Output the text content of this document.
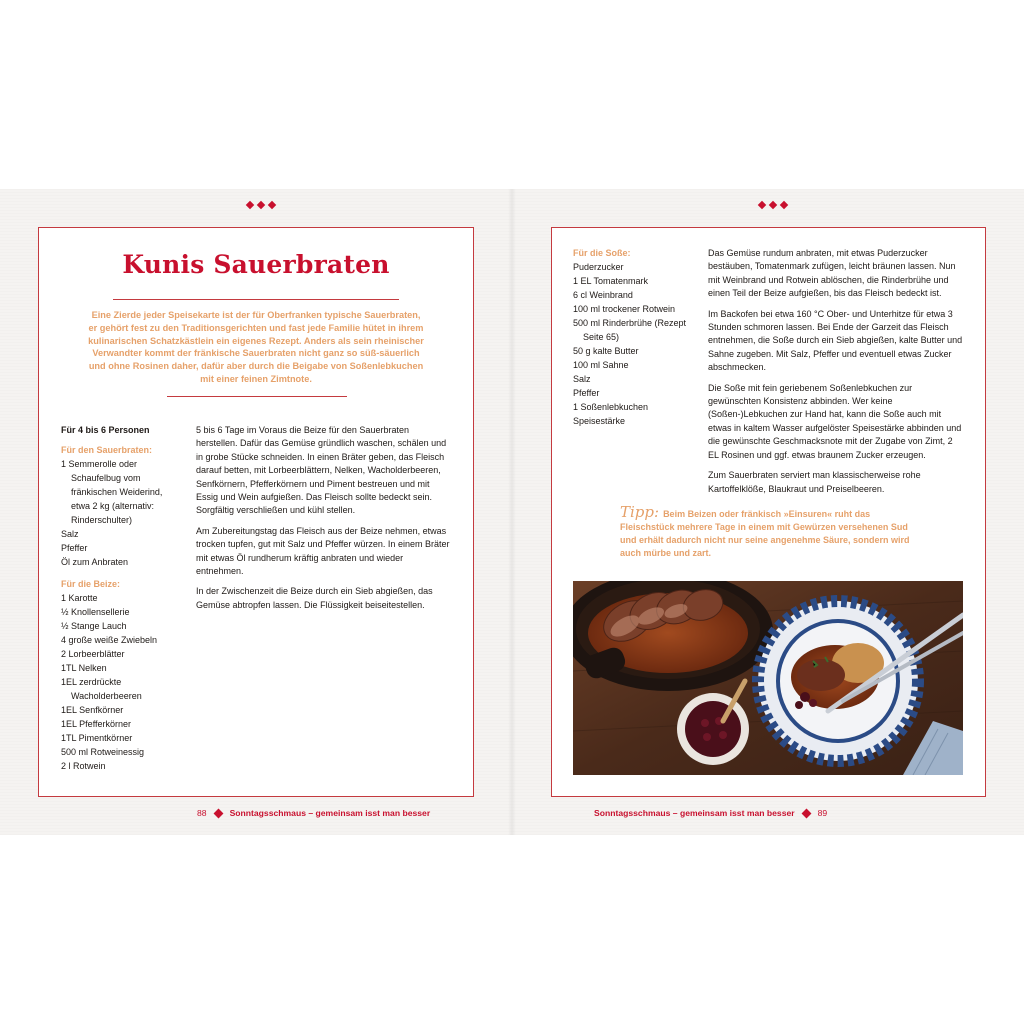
Kunis Sauerbraten
Eine Zierde jeder Speisekarte ist der für Oberfranken typische Sauerbraten, er gehört fest zu den Traditionsgerichten und fast jede Familie hütet in ihrem kulinarischen Schatzkästlein ein eigenes Rezept. Anders als sein rheinischer Verwandter kommt der fränkische Sauerbraten nicht ganz so süß-säuerlich und ohne Rosinen daher, dafür aber durch die Beigabe von Soßenlebkuchen mit einer feinen Zimtnote.
Für 4 bis 6 Personen
Für den Sauerbraten:
1 Semmerolle oder Schaufelbug vom fränkischen Weiderind, etwa 2 kg (alternativ: Rinderschulter)
Salz
Pfeffer
Öl zum Anbraten
Für die Beize:
1 Karotte
½ Knollensellerie
½ Stange Lauch
4 große weiße Zwiebeln
2 Lorbeerblätter
1TL Nelken
1EL zerdrückte Wacholderbeeren
1EL Senfkörner
1EL Pfefferkörner
1TL Pimentkörner
500 ml Rotweinessig
2 l Rotwein

5 bis 6 Tage im Voraus die Beize für den Sauerbraten herstellen. Dafür das Gemüse gründlich waschen, schälen und in grobe Stücke schneiden. In einen Bräter geben, das Fleisch darauf betten, mit Lorbeerblättern, Nelken, Wacholderbeeren, Senfkörnern, Pfefferkörnern und Piment bestreuen und mit Essig und Wein aufgießen. Das Fleisch sollte bedeckt sein. Sorgfältig verschließen und kühl stellen.

Am Zubereitungstag das Fleisch aus der Beize nehmen, etwas trocken tupfen, gut mit Salz und Pfeffer würzen. In einem Bräter mit etwas Öl rundherum kräftig anbraten und wieder entnehmen.

In der Zwischenzeit die Beize durch ein Sieb abgießen, das Gemüse abtropfen lassen. Die Flüssigkeit beiseitestellen.

Für die Soße:
Puderzucker
1 EL Tomatenmark
6 cl Weinbrand
100 ml trockener Rotwein
500 ml Rinderbrühe (Rezept Seite 65)
50 g kalte Butter
100 ml Sahne
Salz
Pfeffer
1 Soßenlebkuchen
Speisestärke

Das Gemüse rundum anbraten, mit etwas Puderzucker bestäuben, Tomatenmark zufügen, leicht bräunen lassen. Nun mit Weinbrand und Rotwein ablöschen, die Rinderbrühe und einen Teil der Beize aufgießen, bis das Fleisch bedeckt ist.

Im Backofen bei etwa 160 °C Ober- und Unterhitze für etwa 3 Stunden schmoren lassen. Bei Ende der Garzeit das Fleisch entnehmen, die Soße durch ein Sieb abgießen, kalte Butter und Sahne zugeben. Mit Salz, Pfeffer und eventuell etwas Zucker abschmecken.

Die Soße mit fein geriebenem Soßenlebkuchen zur gewünschten Konsistenz abbinden. Wer keine (Soßen-)Lebkuchen zur Hand hat, kann die Soße auch mit etwas in kaltem Wasser aufgelöster Speisestärke abbinden und die gewünschte Geschmacksnote mit der Zugabe von Zimt, 2 EL Rosinen und ggf. etwas braunem Zucker erzeugen.

Zum Sauerbraten serviert man klassischerweise rohe Kartoffelklöße, Blaukraut und Preiselbeeren.

Tipp: Beim Beizen oder fränkisch »Einsuren« ruht das Fleischstück mehrere Tage in einem mit Gewürzen versehenen Sud und erhält dadurch nicht nur seine angenehme Säure, sondern wird auch mürbe und zart.
88	Sonntagsschmaus – gemeinsam isst man besser	Sonntagsschmaus – gemeinsam isst man besser	89
